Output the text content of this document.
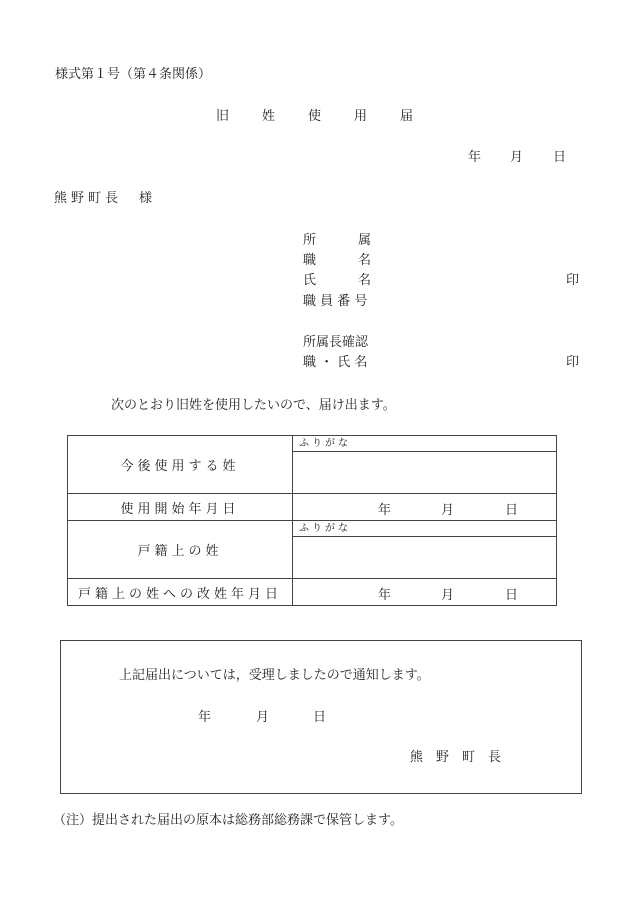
様式第１号（第４条関係）
旧	姓	使	用	届
年 月 日
熊野町長　様
所	属
職	名
氏	名	印
職 員 番 号
所属長確認
職 ・ 氏 名	印
次のとおり旧姓を使用したいので、届け出ます。
今後使用する姓	ふりがな

使用開始年月日	年 月 日

戸籍上の姓	ふりがな

戸籍上の姓への改姓年月日	年 月 日
上記届出については，受理しましたので通知します。
年	月	日
熊　野　町　長
（注）提出された届出の原本は総務部総務課で保管します。
